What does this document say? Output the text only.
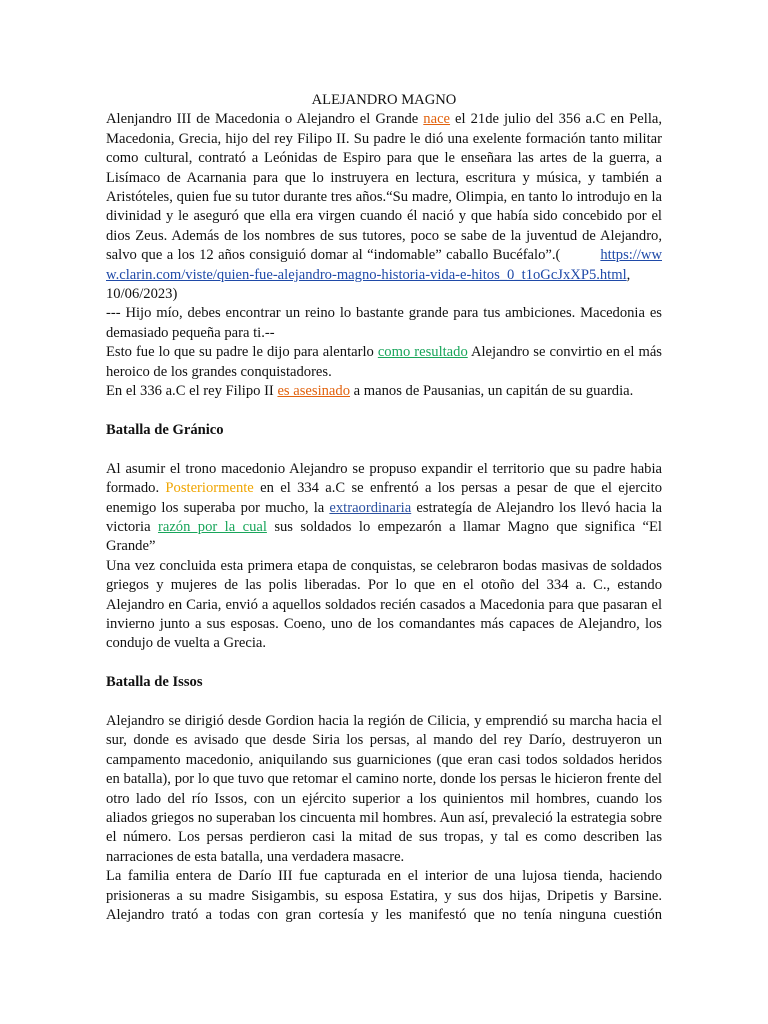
ALEJANDRO MAGNO

Alenjandro III de Macedonia o Alejandro el Grande nace el 21de julio del 356 a.C en Pella, Macedonia, Grecia, hijo del rey Filipo II. Su padre le dió una exelente formación tanto militar como cultural, contrató a Leónidas de Espiro para que le enseñara las artes de la guerra, a Lisímaco de Acarnania para que lo instruyera en lectura, escritura y música, y también a Aristóteles, quien fue su tutor durante tres años.“Su madre, Olimpia, en tanto lo introdujo en la divinidad y le aseguró que ella era virgen cuando él nació y que había sido concebido por el dios Zeus. Además de los nombres de sus tutores, poco se sabe de la juventud de Alejandro, salvo que a los 12 años consiguió domar al “indomable” caballo Bucéfalo”.(	https://www.clarin.com/viste/quien-fue-alejandro-magno-historia-vida-e-hitos_0_t1oGcJxXP5.html, 10/06/2023)

--- Hijo mío, debes encontrar un reino lo bastante grande para tus ambiciones. Macedonia es demasiado pequeña para ti.--

Esto fue lo que su padre le dijo para alentarlo como resultado Alejandro se convirtio en el más heroico de los grandes conquistadores.

En el 336 a.C el rey Filipo II es asesinado a manos de Pausanias, un capitán de su guardia.

Batalla de Gránico

Al asumir el trono macedonio Alejandro se propuso expandir el territorio que su padre habia formado. Posteriormente en el 334 a.C se enfrentó a los persas a pesar de que el ejercito enemigo los superaba por mucho, la extraordinaria estrategía de Alejandro los llevó hacia la victoria razón por la cual sus soldados lo empezarón a llamar Magno que significa “El Grande”

Una vez concluida esta primera etapa de conquistas, se celebraron bodas masivas de soldados griegos y mujeres de las polis liberadas. Por lo que en el otoño del 334 a. C., estando Alejandro en Caria, envió a aquellos soldados recién casados a Macedonia para que pasaran el invierno junto a sus esposas. Coeno, uno de los comandantes más capaces de Alejandro, los condujo de vuelta a Grecia.

Batalla de Issos

Alejandro se dirigió desde Gordion hacia la región de Cilicia, y emprendió su marcha hacia el sur, donde es avisado que desde Siria los persas, al mando del rey Darío, destruyeron un campamento macedonio, aniquilando sus guarniciones (que eran casi todos soldados heridos en batalla), por lo que tuvo que retomar el camino norte, donde los persas le hicieron frente del otro lado del río Issos, con un ejército superior a los quinientos mil hombres, cuando los aliados griegos no superaban los cincuenta mil hombres. Aun así, prevaleció la estrategia sobre el número. Los persas perdieron casi la mitad de sus tropas, y tal es como describen las narraciones de esta batalla, una verdadera masacre.

La familia entera de Darío III fue capturada en el interior de una lujosa tienda, haciendo prisioneras a su madre Sisigambis, su esposa Estatira, y sus dos hijas, Dripetis y Barsine. Alejandro trató a todas con gran cortesía y les manifestó que no tenía ninguna cuestión
